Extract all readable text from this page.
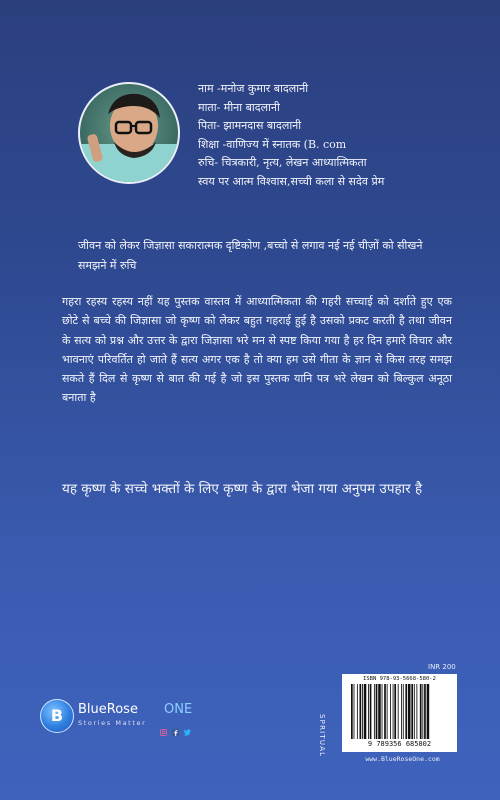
नाम -मनोज कुमार बादलानी
माता- मीना बादलानी
पिता- झामनदास बादलानी
शिक्षा -वाणिज्य में स्नातक (B. com
रुचि- चित्रकारी, नृत्य, लेखन आध्यात्मिकता
स्वय पर आत्म विश्वास,सच्ची कला से सदेव प्रेम
जीवन को लेकर जिज्ञासा सकारात्मक दृष्टिकोण ,बच्चो से लगाव नई नई चीज़ों को सीखने समझने में रुचि
गहरा रहस्य रहस्य नहीं यह पुस्तक वास्तव में आध्यात्मिकता की गहरी सच्चाई को दर्शाते हुए एक छोटे से बच्चे की जिज्ञासा जो कृष्ण को लेकर बहुत गहराई हुई है उसको प्रकट करती है तथा जीवन के सत्य को प्रश्न और उत्तर के द्वारा जिज्ञासा भरे मन से स्पष्ट किया गया है हर दिन हमारे विचार और भावनाएं परिवर्तित हो जाते हैं सत्य अगर एक है तो क्या हम उसे गीता के ज्ञान से किस तरह समझ सकते हैं दिल से कृष्ण से बात की गई है जो इस पुस्तक यानि पत्र भरे लेखन को बिल्कुल अनूठा बनाता है
यह कृष्ण के सच्चे भक्तों के लिए कृष्ण के द्वारा भेजा गया अनुपम उपहार है
B	BlueRose ONE
Stories Matter

INR 200
SPRITUAL
ISBN 978-93-5668-580-2
9 789356 685802
www.BlueRoseOne.com
